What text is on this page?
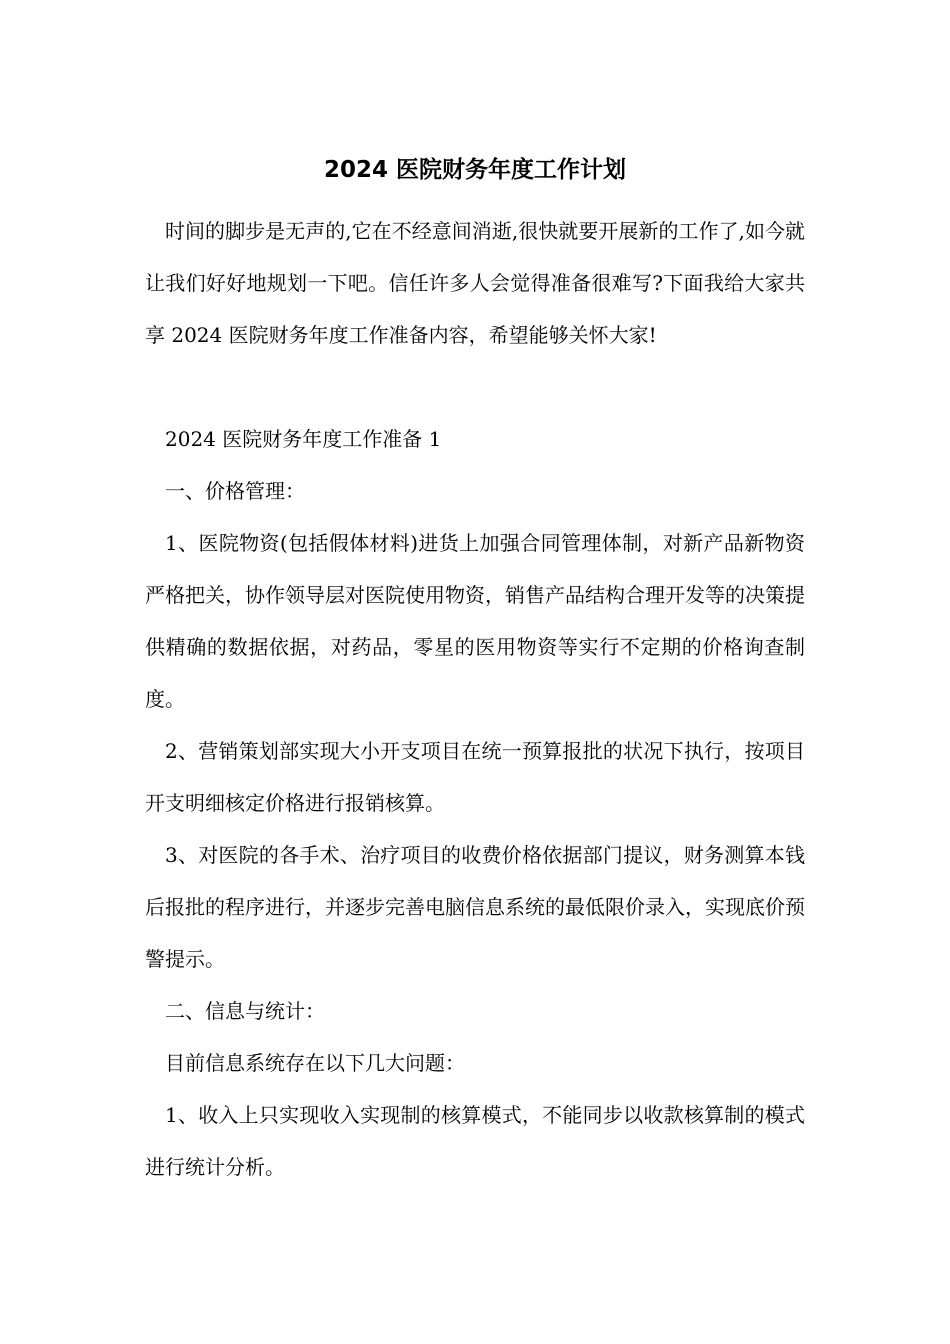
2024 医院财务年度工作计划

时间的脚步是无声的,它在不经意间消逝,很快就要开展新的工作了,如今就让我们好好地规划一下吧。信任许多人会觉得准备很难写?下面我给大家共享 2024 医院财务年度工作准备内容，希望能够关怀大家!

2024 医院财务年度工作准备 1

一、价格管理：

1、医院物资(包括假体材料)进货上加强合同管理体制，对新产品新物资严格把关，协作领导层对医院使用物资，销售产品结构合理开发等的决策提供精确的数据依据，对药品，零星的医用物资等实行不定期的价格询查制度。

2、营销策划部实现大小开支项目在统一预算报批的状况下执行，按项目开支明细核定价格进行报销核算。

3、对医院的各手术、治疗项目的收费价格依据部门提议，财务测算本钱后报批的程序进行，并逐步完善电脑信息系统的最低限价录入，实现底价预警提示。

二、信息与统计：

目前信息系统存在以下几大问题：

1、收入上只实现收入实现制的核算模式，不能同步以收款核算制的模式进行统计分析。
